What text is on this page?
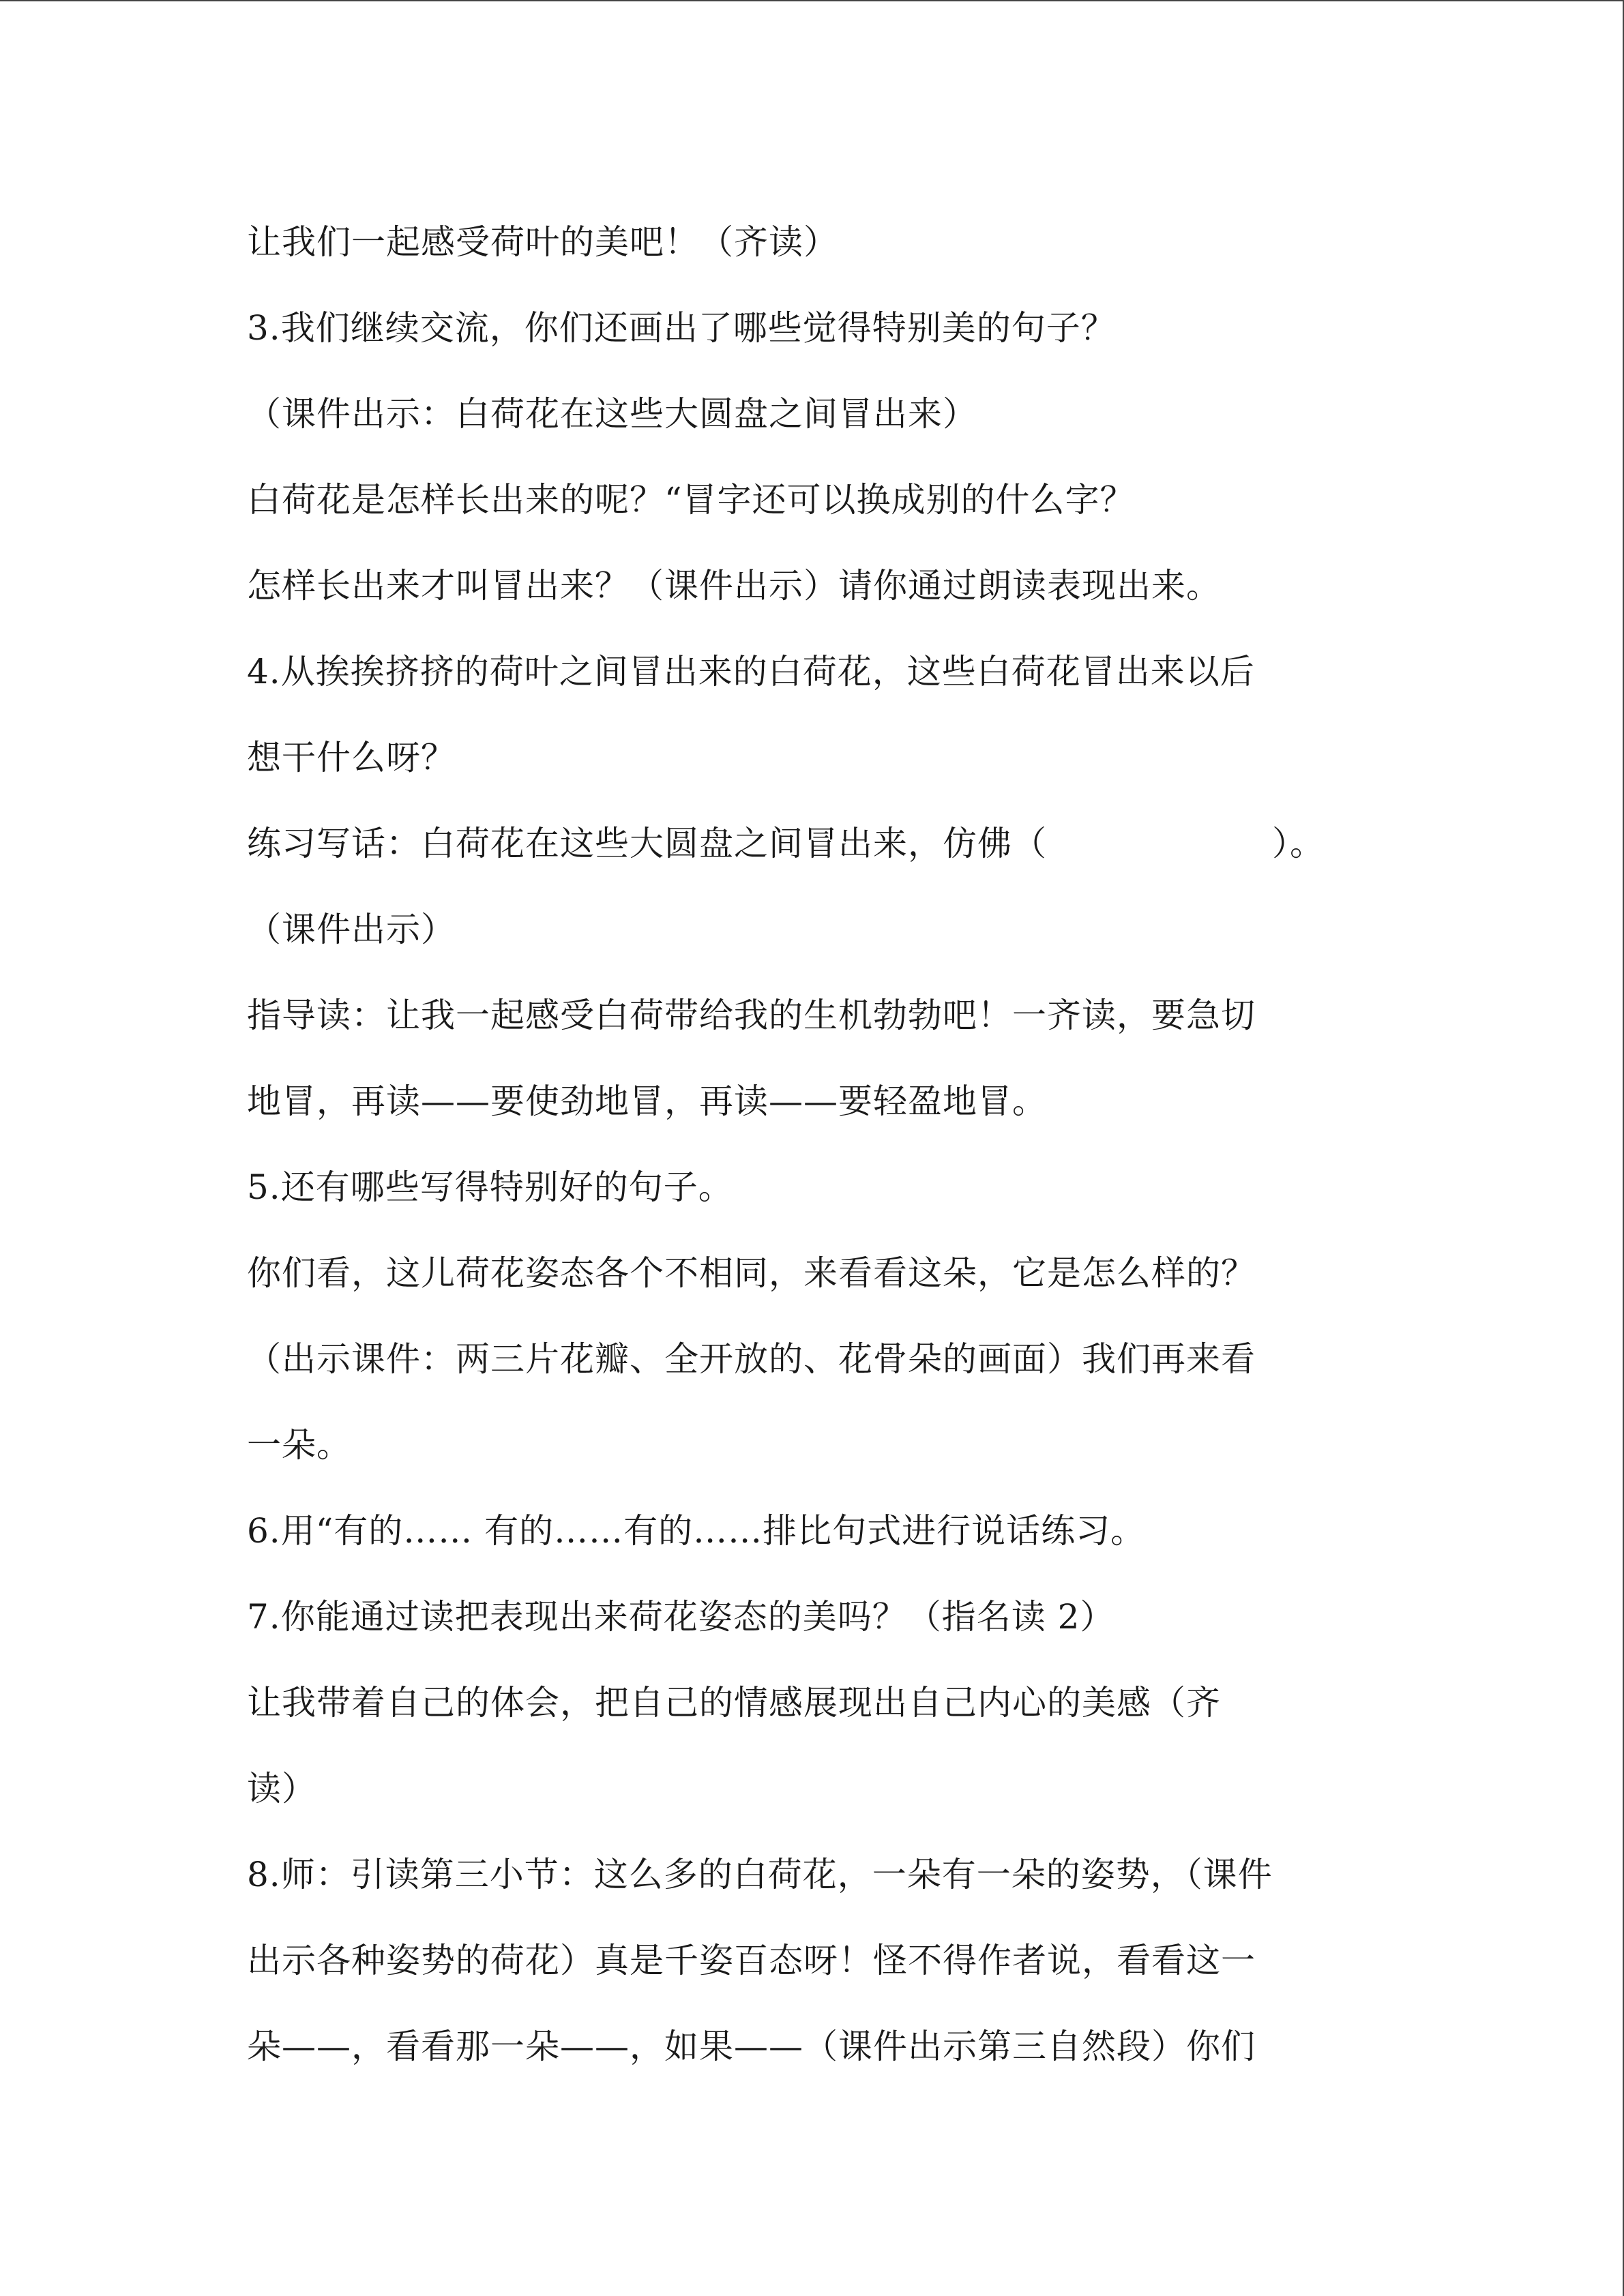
让我们一起感受荷叶的美吧！（齐读）
3.我们继续交流，你们还画出了哪些觉得特别美的句子？
（课件出示：白荷花在这些大圆盘之间冒出来）
白荷花是怎样长出来的呢？“冒字还可以换成别的什么字？
怎样长出来才叫冒出来？（课件出示）请你通过朗读表现出来。
4.从挨挨挤挤的荷叶之间冒出来的白荷花，这些白荷花冒出来以后
想干什么呀？
练习写话：白荷花在这些大圆盘之间冒出来，仿佛（	）。
（课件出示）
指导读：让我一起感受白荷带给我的生机勃勃吧！一齐读，要急切
地冒，再读——要使劲地冒，再读——要轻盈地冒。
5.还有哪些写得特别好的句子。
你们看，这儿荷花姿态各个不相同，来看看这朵，它是怎么样的？
（出示课件：两三片花瓣、全开放的、花骨朵的画面）我们再来看
一朵。
6.用“有的…… 有的……有的……排比句式进行说话练习。
7.你能通过读把表现出来荷花姿态的美吗？（指名读 2）
让我带着自己的体会，把自己的情感展现出自己内心的美感（齐
读）
8.师：引读第三小节：这么多的白荷花，一朵有一朵的姿势，（课件
出示各种姿势的荷花）真是千姿百态呀！怪不得作者说，看看这一
朵——，看看那一朵——，如果——（课件出示第三自然段）你们
